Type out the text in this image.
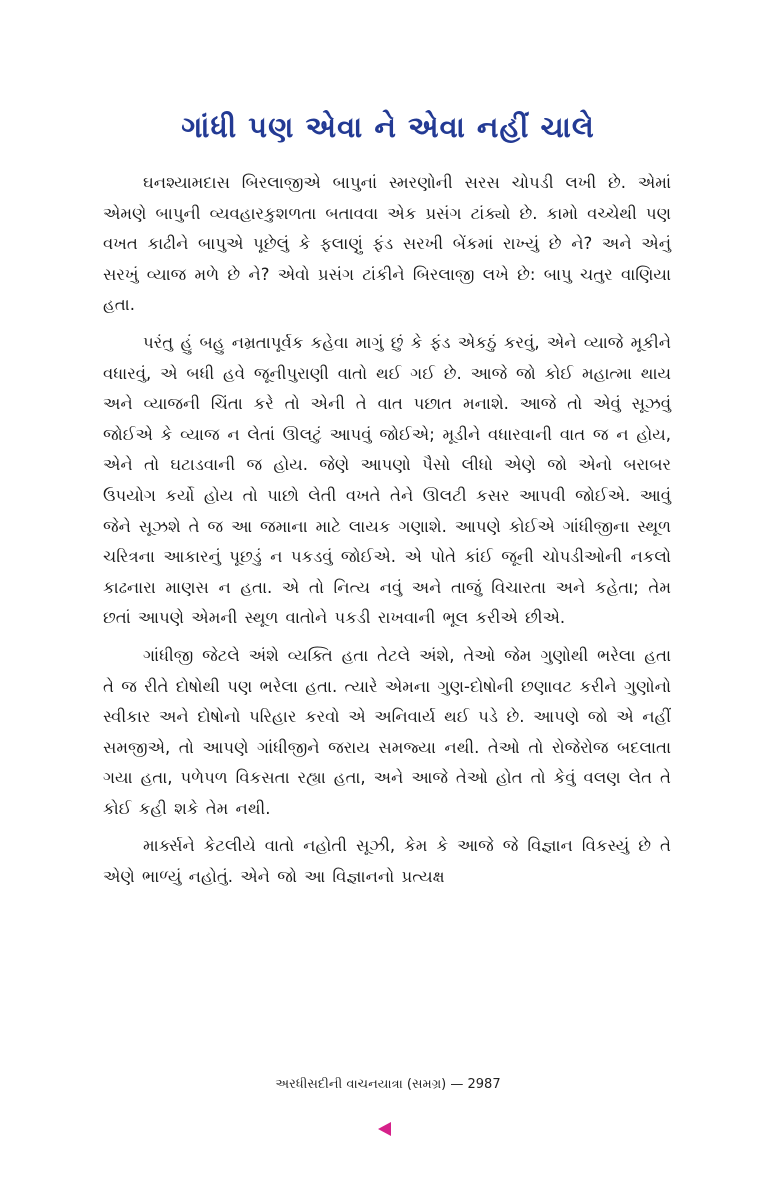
ગાંધી પણ એવા ને એવા નહીં ચાલે

ઘનશ્યામદાસ બિરલાજીએ બાપુનાં સ્મરણોની સરસ ચોપડી લખી છે. એમાં એમણે બાપુની વ્યવહારકુશળતા બતાવવા એક પ્રસંગ ટાંક્યો છે. કામો વચ્ચેથી પણ વખત કાઢીને બાપુએ પૂછેલું કે ફલાણું ફંડ સરખી બેંકમાં રાખ્યું છે ને? અને એનું સરખું વ્યાજ મળે છે ને? એવો પ્રસંગ ટાંકીને બિરલાજી લખે છે: બાપુ ચતુર વાણિયા હતા.

પરંતુ હું બહુ નમ્રતાપૂર્વક કહેવા માગું છું કે ફંડ એકઠું કરવું, એને વ્યાજે મૂકીને વધારવું, એ બધી હવે જૂનીપુરાણી વાતો થઈ ગઈ છે. આજે જો કોઈ મહાત્મા થાય અને વ્યાજની ચિંતા કરે તો એની તે વાત પછાત મનાશે. આજે તો એવું સૂઝવું જોઈએ કે વ્યાજ ન લેતાં ઊલટું આપવું જોઈએ; મૂડીને વધારવાની વાત જ ન હોય, એને તો ઘટાડવાની જ હોય. જેણે આપણો પૈસો લીધો એણે જો એનો બરાબર ઉપયોગ કર્યો હોય તો પાછો લેતી વખતે તેને ઊલટી કસર આપવી જોઈએ. આવું જેને સૂઝશે તે જ આ જમાના માટે લાયક ગણાશે. આપણે કોઈએ ગાંધીજીના સ્થૂળ ચરિત્રના આકારનું પૂછડું ન પકડવું જોઈએ. એ પોતે કાંઈ જૂની ચોપડીઓની નકલો કાઢનારા માણસ ન હતા. એ તો નિત્ય નવું અને તાજું વિચારતા અને કહેતા; તેમ છતાં આપણે એમની સ્થૂળ વાતોને પકડી રાખવાની ભૂલ કરીએ છીએ.

ગાંધીજી જેટલે અંશે વ્યક્તિ હતા તેટલે અંશે, તેઓ જેમ ગુણોથી ભરેલા હતા તે જ રીતે દોષોથી પણ ભરેલા હતા. ત્યારે એમના ગુણ-દોષોની છણાવટ કરીને ગુણોનો સ્વીકાર અને દોષોનો પરિહાર કરવો એ અનિવાર્ય થઈ પડે છે. આપણે જો એ નહીં સમજીએ, તો આપણે ગાંધીજીને જરાય સમજ્યા નથી. તેઓ તો રોજેરોજ બદલાતા ગયા હતા, પળેપળ વિકસતા રહ્યા હતા, અને આજે તેઓ હોત તો કેવું વલણ લેત તે કોઈ કહી શકે તેમ નથી.

માર્ક્સને કેટલીયે વાતો નહોતી સૂઝી, કેમ કે આજે જે વિજ્ઞાન વિકસ્યું છે તે એણે ભાળ્યું નહોતું. એને જો આ વિજ્ઞાનનો પ્રત્યક્ષ

અરધીસદીની વાચનયાત્રા (સમગ્ર) — 2987
